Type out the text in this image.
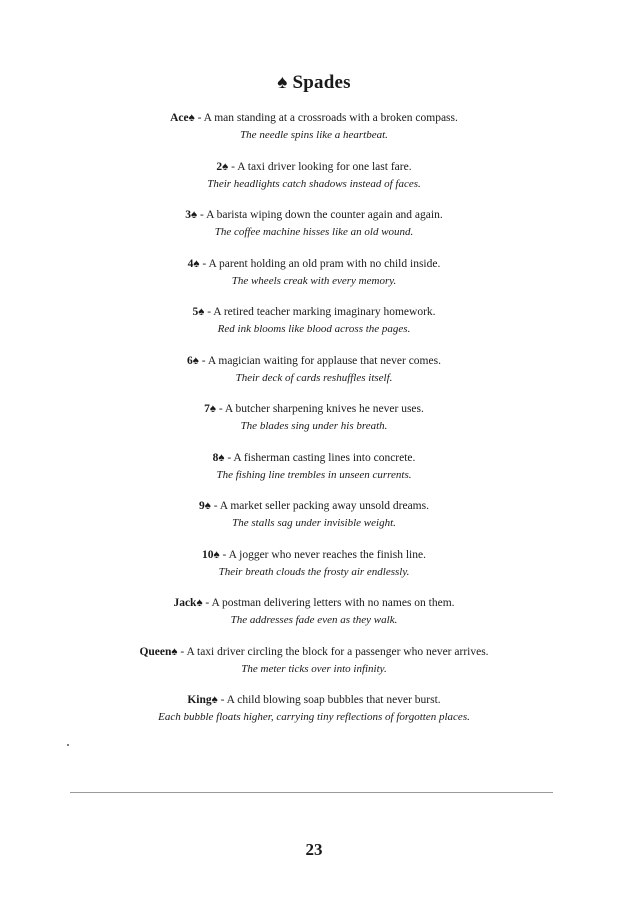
♠ Spades
Ace♠ - A man standing at a crossroads with a broken compass.
The needle spins like a heartbeat.
2♠ - A taxi driver looking for one last fare.
Their headlights catch shadows instead of faces.
3♠ - A barista wiping down the counter again and again.
The coffee machine hisses like an old wound.
4♠ - A parent holding an old pram with no child inside.
The wheels creak with every memory.
5♠ - A retired teacher marking imaginary homework.
Red ink blooms like blood across the pages.
6♠ - A magician waiting for applause that never comes.
Their deck of cards reshuffles itself.
7♠ - A butcher sharpening knives he never uses.
The blades sing under his breath.
8♠ - A fisherman casting lines into concrete.
The fishing line trembles in unseen currents.
9♠ - A market seller packing away unsold dreams.
The stalls sag under invisible weight.
10♠ - A jogger who never reaches the finish line.
Their breath clouds the frosty air endlessly.
Jack♠ - A postman delivering letters with no names on them.
The addresses fade even as they walk.
Queen♠ - A taxi driver circling the block for a passenger who never arrives.
The meter ticks over into infinity.
King♠ - A child blowing soap bubbles that never burst.
Each bubble floats higher, carrying tiny reflections of forgotten places.
23
